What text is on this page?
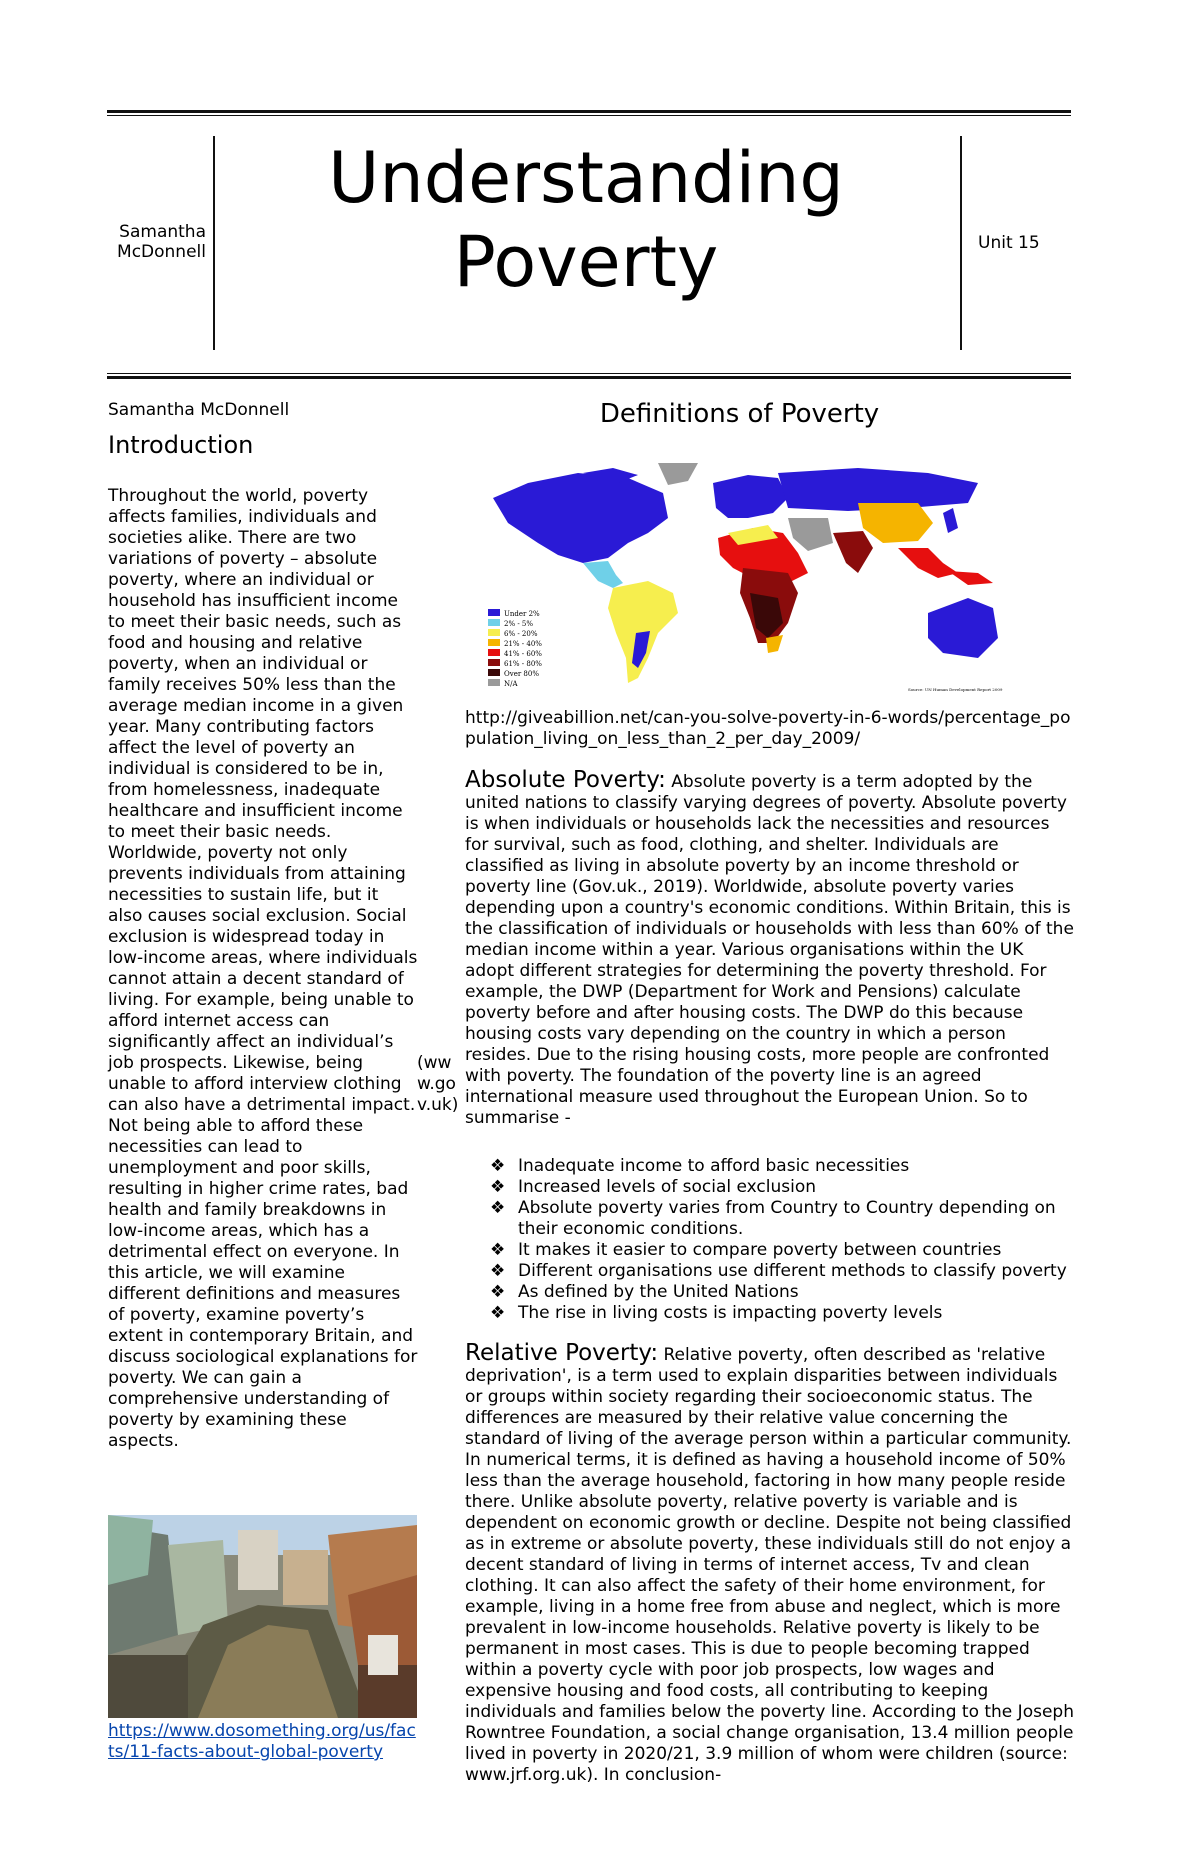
Samantha McDonnell
Understanding Poverty	Unit 15
Samantha McDonnell
Introduction

Throughout the world, poverty affects families, individuals and societies alike. There are two variations of poverty – absolute poverty, where an individual or household has insufficient income to meet their basic needs, such as food and housing and relative poverty, when an individual or family receives 50% less than the average median income in a given year. Many contributing factors affect the level of poverty an individual is considered to be in, from homelessness, inadequate healthcare and insufficient income to meet their basic needs. Worldwide, poverty not only prevents individuals from attaining necessities to sustain life, but it also causes social exclusion. Social exclusion is widespread today in low-income areas, where individuals cannot attain a decent standard of living. For example, being unable to afford internet access can significantly affect an individual’s job prospects. Likewise, being unable to afford interview clothing can also have a detrimental impact. Not being able to afford these necessities can lead to unemployment and poor skills, resulting in higher crime rates, bad health and family breakdowns in low-income areas, which has a detrimental effect on everyone. In this article, we will examine different definitions and measures of poverty, examine poverty’s extent in contemporary Britain, and discuss sociological explanations for poverty. We can gain a comprehensive understanding of poverty by examining these aspects.

https://www.dosomething.org/us/facts/11-facts-about-global-poverty
(www.gov.uk)
Definitions of Poverty
Under 2%
2% - 5%
6% - 20%
21% - 40%
41% - 60%
61% - 80%
Over 80%
N/A
Source: UN Human Development Report 2009
http://giveabillion.net/can-you-solve-poverty-in-6-words/percentage_population_living_on_less_than_2_per_day_2009/

Absolute Poverty: Absolute poverty is a term adopted by the united nations to classify varying degrees of poverty. Absolute poverty is when individuals or households lack the necessities and resources for survival, such as food, clothing, and shelter. Individuals are classified as living in absolute poverty by an income threshold or poverty line (Gov.uk., 2019). Worldwide, absolute poverty varies depending upon a country's economic conditions. Within Britain, this is the classification of individuals or households with less than 60% of the median income within a year. Various organisations within the UK adopt different strategies for determining the poverty threshold. For example, the DWP (Department for Work and Pensions) calculate poverty before and after housing costs. The DWP do this because housing costs vary depending on the country in which a person resides. Due to the rising housing costs, more people are confronted with poverty. The foundation of the poverty line is an agreed international measure used throughout the European Union. So to summarise -

❖ Inadequate income to afford basic necessities
❖ Increased levels of social exclusion
❖ Absolute poverty varies from Country to Country depending on their economic conditions.
❖ It makes it easier to compare poverty between countries
❖ Different organisations use different methods to classify poverty
❖ As defined by the United Nations
❖ The rise in living costs is impacting poverty levels

Relative Poverty: Relative poverty, often described as 'relative deprivation', is a term used to explain disparities between individuals or groups within society regarding their socioeconomic status. The differences are measured by their relative value concerning the standard of living of the average person within a particular community. In numerical terms, it is defined as having a household income of 50% less than the average household, factoring in how many people reside there. Unlike absolute poverty, relative poverty is variable and is dependent on economic growth or decline. Despite not being classified as in extreme or absolute poverty, these individuals still do not enjoy a decent standard of living in terms of internet access, Tv and clean clothing. It can also affect the safety of their home environment, for example, living in a home free from abuse and neglect, which is more prevalent in low-income households. Relative poverty is likely to be permanent in most cases. This is due to people becoming trapped within a poverty cycle with poor job prospects, low wages and expensive housing and food costs, all contributing to keeping individuals and families below the poverty line. According to the Joseph Rowntree Foundation, a social change organisation, 13.4 million people lived in poverty in 2020/21, 3.9 million of whom were children (source: www.jrf.org.uk). In conclusion-
